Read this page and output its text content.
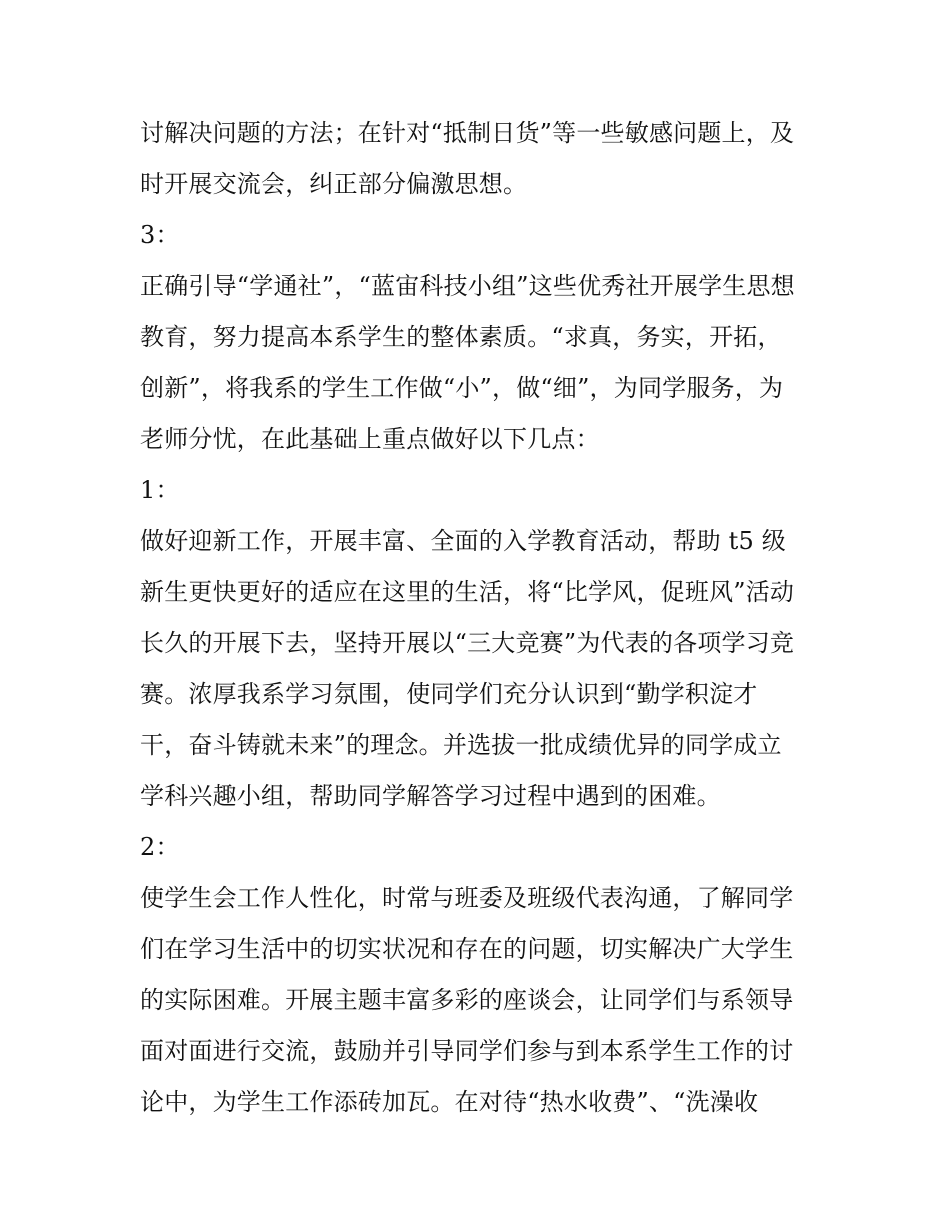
讨解决问题的方法；在针对“抵制日货”等一些敏感问题上，及
时开展交流会，纠正部分偏激思想。
3：
正确引导“学通社”，“蓝宙科技小组”这些优秀社开展学生思想
教育，努力提高本系学生的整体素质。“求真，务实，开拓，
创新”，将我系的学生工作做“小”，做“细”，为同学服务，为
老师分忧，在此基础上重点做好以下几点：
1：
做好迎新工作，开展丰富、全面的入学教育活动，帮助 t5 级
新生更快更好的适应在这里的生活，将“比学风，促班风”活动
长久的开展下去，坚持开展以“三大竞赛”为代表的各项学习竞
赛。浓厚我系学习氛围，使同学们充分认识到“勤学积淀才
干，奋斗铸就未来”的理念。并选拔一批成绩优异的同学成立
学科兴趣小组，帮助同学解答学习过程中遇到的困难。
2：
使学生会工作人性化，时常与班委及班级代表沟通，了解同学
们在学习生活中的切实状况和存在的问题，切实解决广大学生
的实际困难。开展主题丰富多彩的座谈会，让同学们与系领导
面对面进行交流，鼓励并引导同学们参与到本系学生工作的讨
论中，为学生工作添砖加瓦。在对待“热水收费”、“洗澡收
